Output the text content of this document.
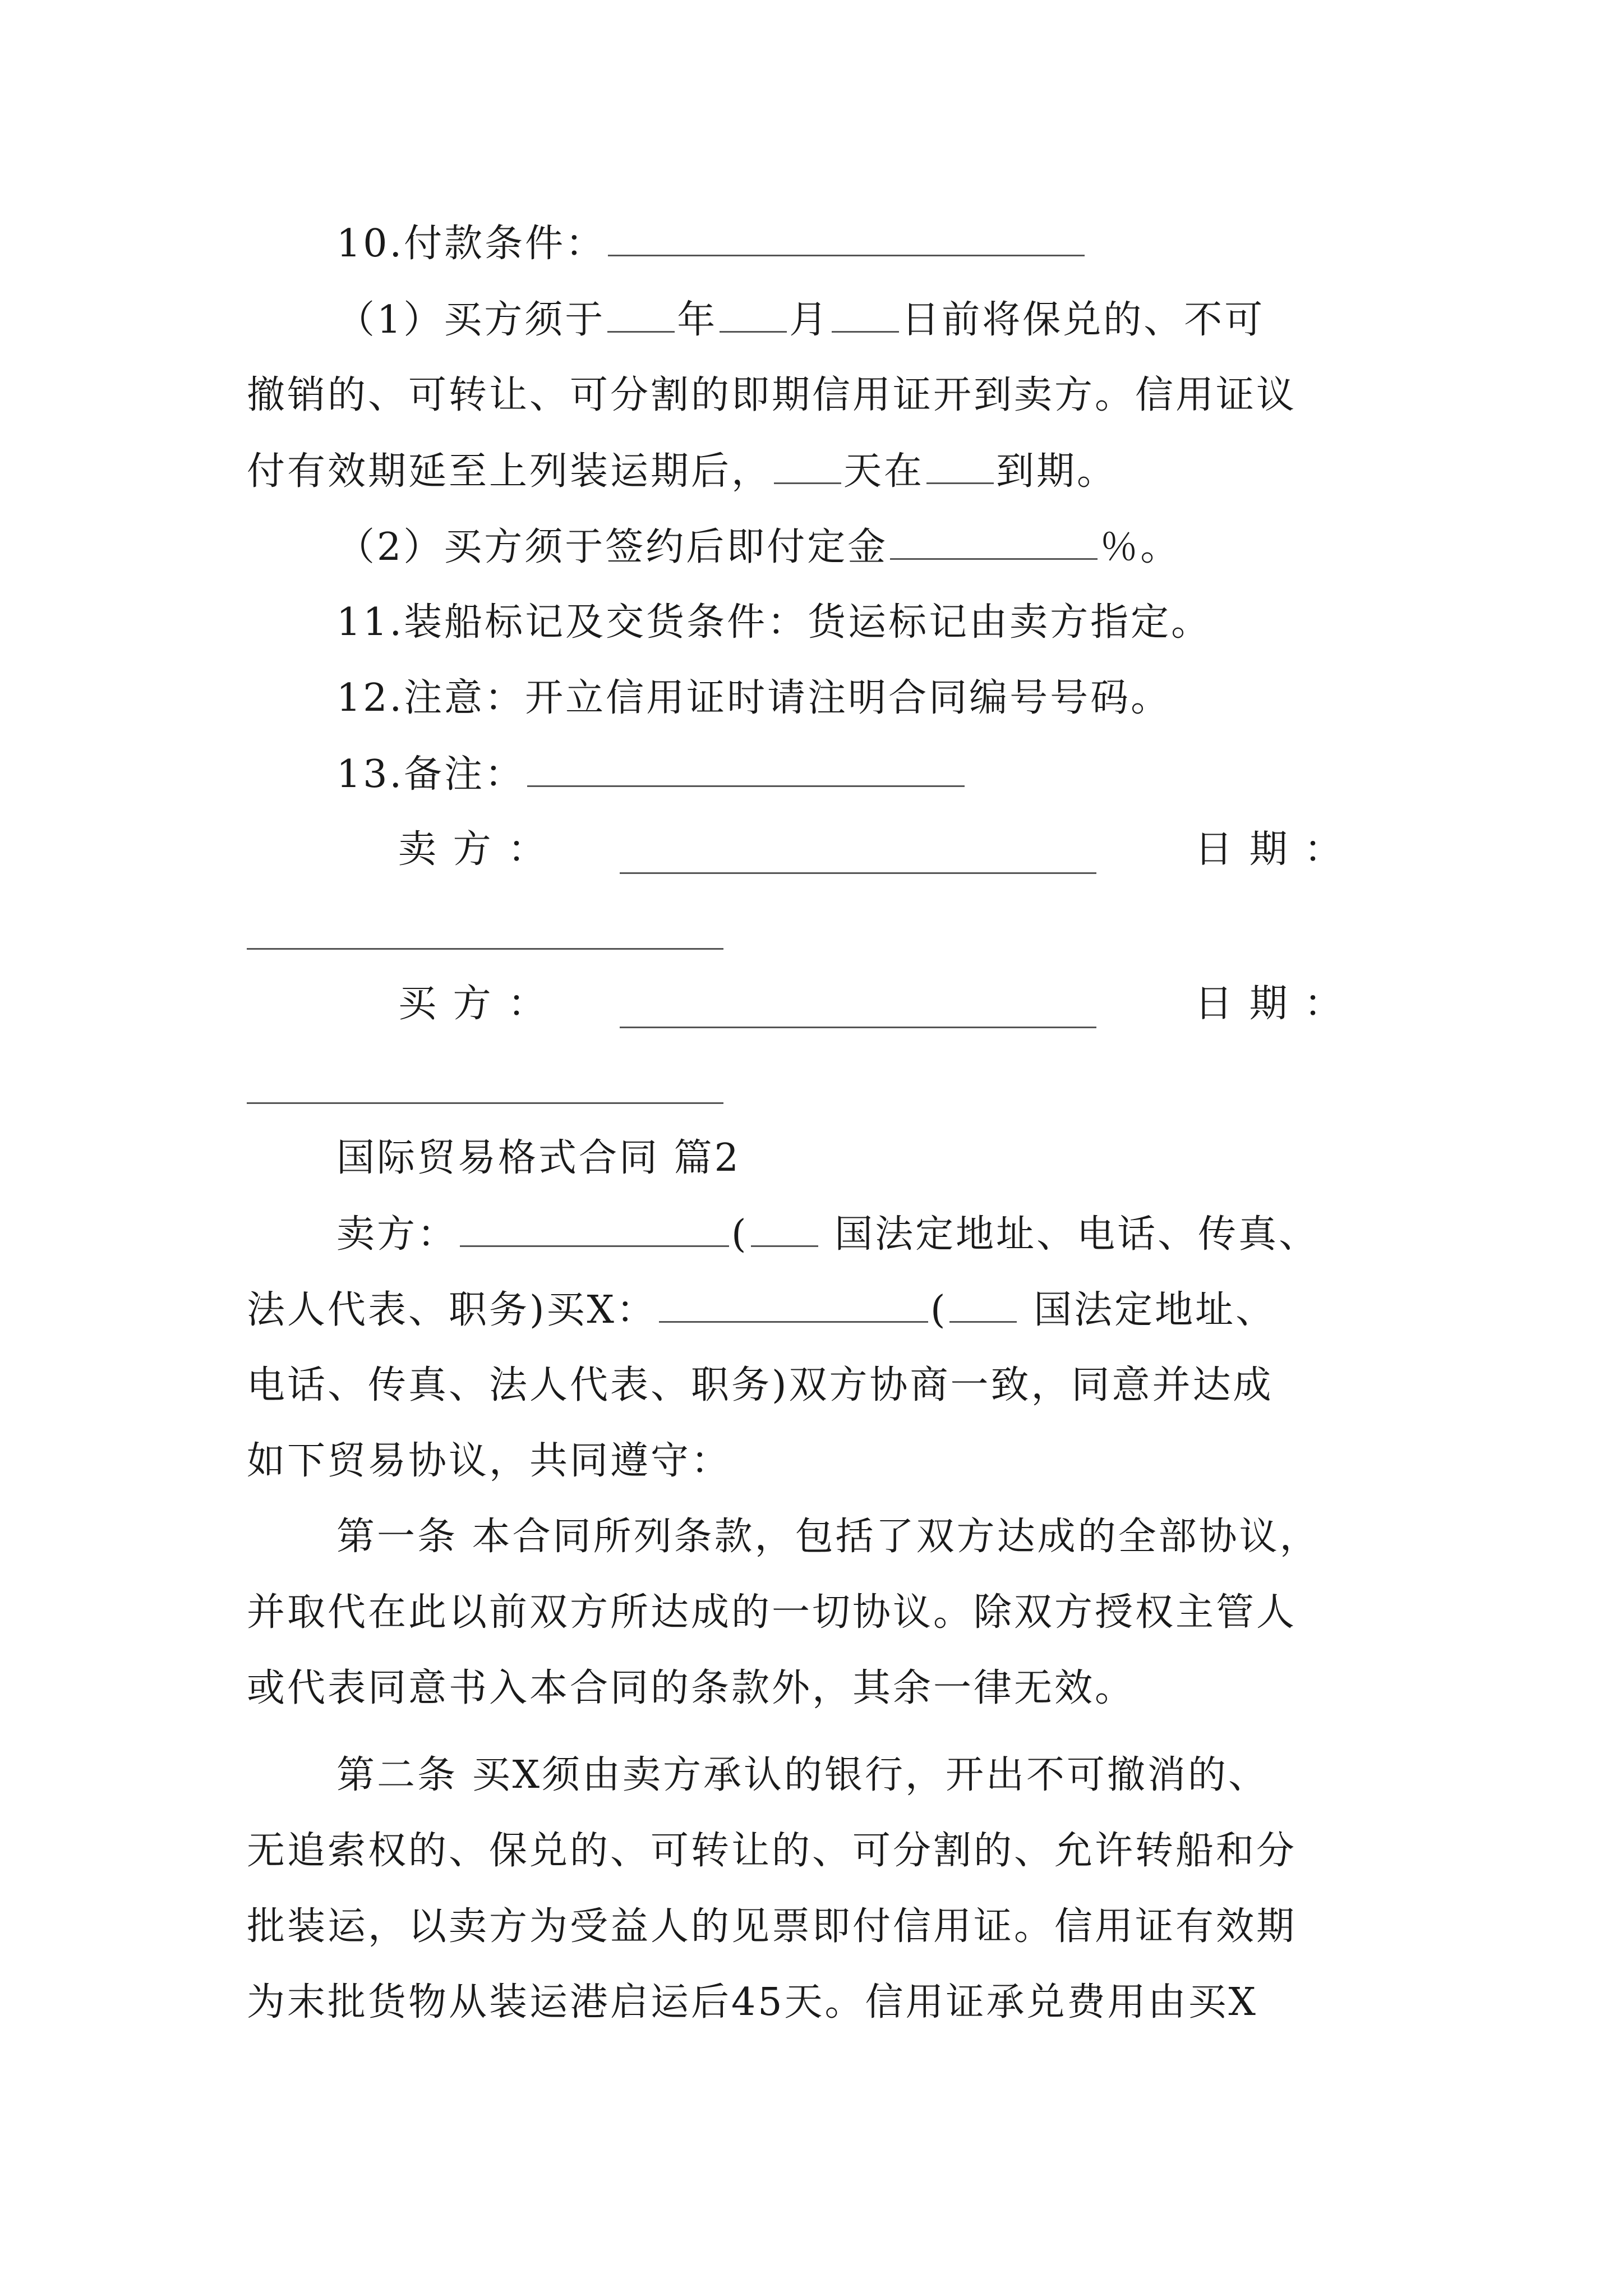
10.付款条件：
（1）买方须于 年 月 日前将保兑的、不可
撤销的、可转让、可分割的即期信用证开到卖方。信用证议
付有效期延至上列装运期后， 天在 到期。
（2）买方须于签约后即付定金	％。
11.装船标记及交货条件：货运标记由卖方指定。
12.注意：开立信用证时请注明合同编号号码。
13.备注：
卖 方 ：	日 期 ：
买 方 ：	日 期 ：
国际贸易格式合同 篇2
卖方：	( 国法定地址、电话、传真、
法人代表、职务)买X：	( 国法定地址、
电话、传真、法人代表、职务)双方协商一致，同意并达成
如下贸易协议，共同遵守：
第一条 本合同所列条款，包括了双方达成的全部协议，
并取代在此以前双方所达成的一切协议。除双方授权主管人
或代表同意书入本合同的条款外，其余一律无效。
第二条 买X须由卖方承认的银行，开出不可撤消的、
无追索权的、保兑的、可转让的、可分割的、允许转船和分
批装运，以卖方为受益人的见票即付信用证。信用证有效期
为末批货物从装运港启运后45天。信用证承兑费用由买X
